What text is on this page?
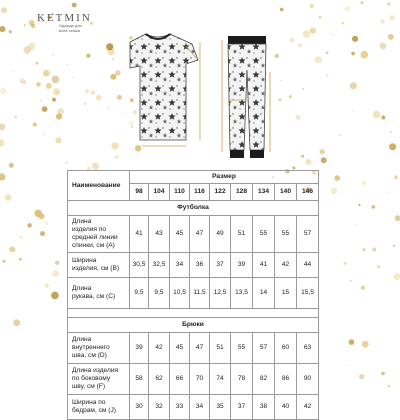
KETMIN
Одежда для
всей семьи
Наименование	Размер								
	98	104	110	116	122	128	134	140	146
Футболка									
Длина
изделия по
средней линии
спинки, см (А)	41	43	45	47	49	51	55	55	57
Ширина
изделия, см (B)	30,5	32,5	34	36	37	39	41	42	44
Длина
рукава, см (С)	9,5	9,5	10,5	11,5	12,5	13,5	14	15	15,5

Брюки									
Длина
внутреннего
шва, см (D)	39	42	45	47	51	55	57	60	63
Длина изделия
по боковому
шву, см (F)	58	62	66	70	74	78	82	86	90
Ширина по
бедрам, см (J)	30	32	33	34	35	37	38	40	42
